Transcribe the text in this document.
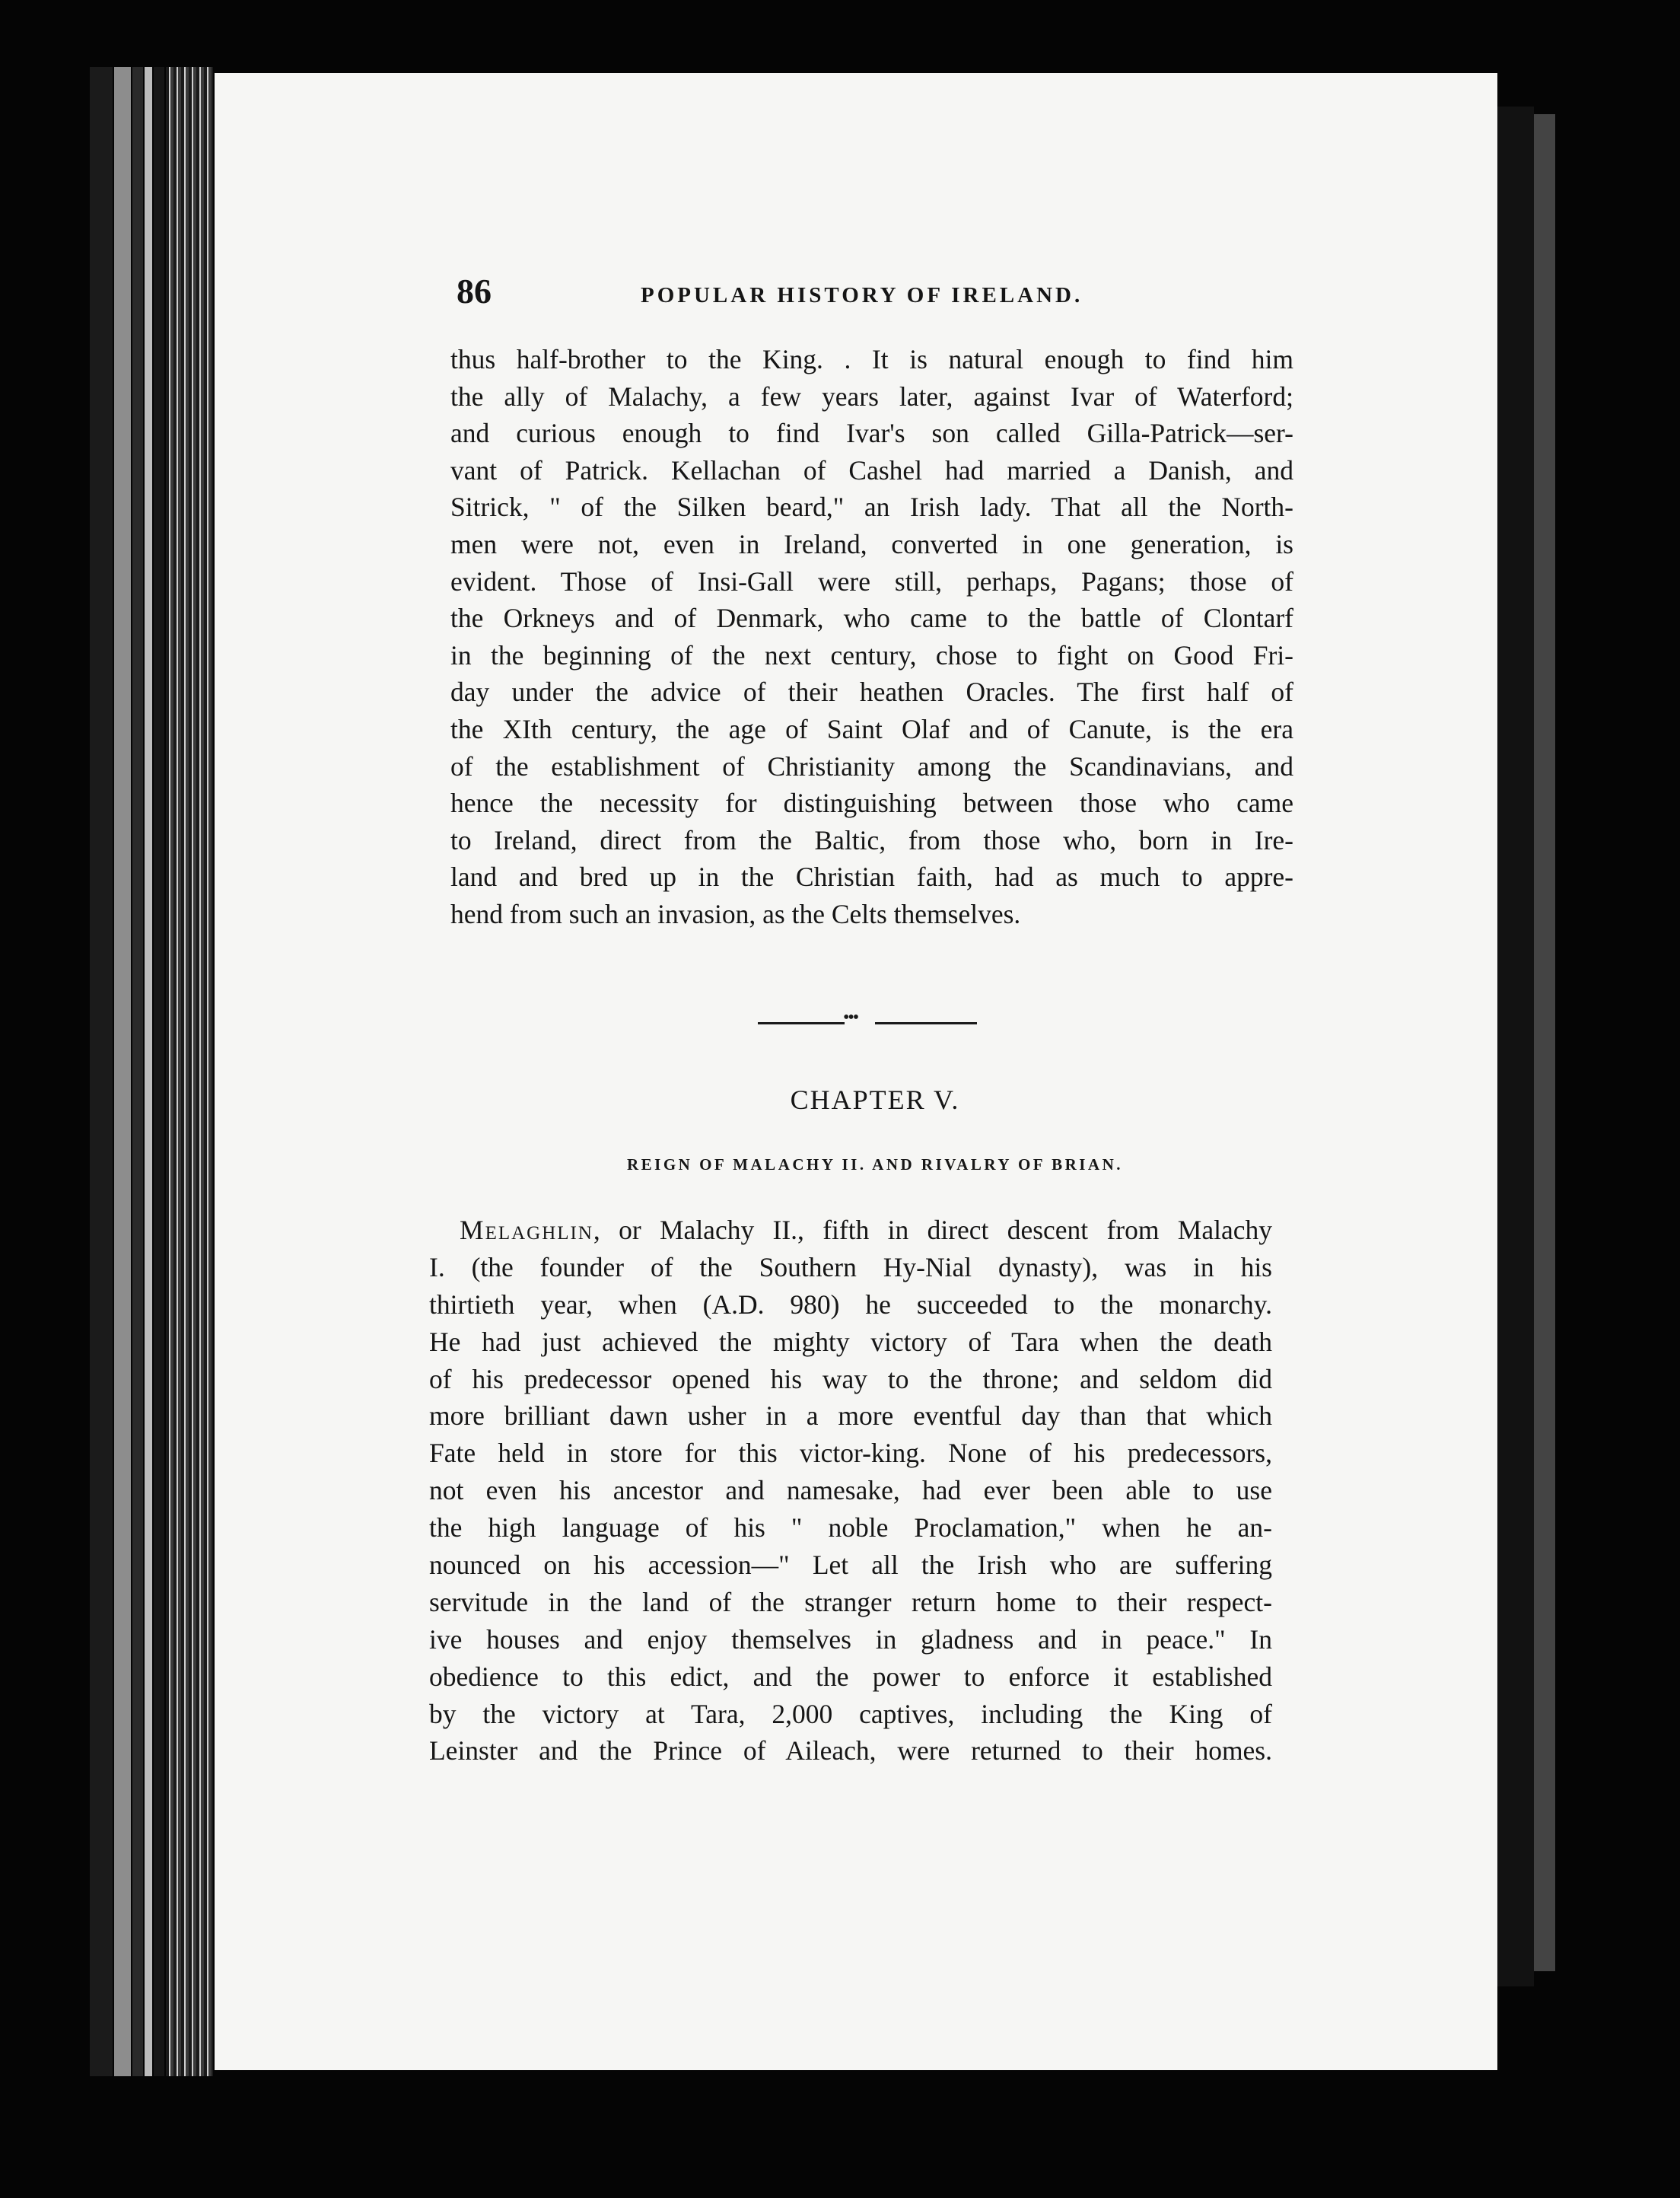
86	POPULAR HISTORY OF IRELAND.
thus half-brother to the King. . It is natural enough to find him
the ally of Malachy, a few years later, against Ivar of Waterford;
and curious enough to find Ivar's son called Gilla-Patrick—ser-
vant of Patrick. Kellachan of Cashel had married a Danish, and
Sitrick, " of the Silken beard," an Irish lady. That all the North-
men were not, even in Ireland, converted in one generation, is
evident. Those of Insi-Gall were still, perhaps, Pagans; those of
the Orkneys and of Denmark, who came to the battle of Clontarf
in the beginning of the next century, chose to fight on Good Fri-
day under the advice of their heathen Oracles. The first half of
the XIth century, the age of Saint Olaf and of Canute, is the era
of the establishment of Christianity among the Scandinavians, and
hence the necessity for distinguishing between those who came
to Ireland, direct from the Baltic, from those who, born in Ire-
land and bred up in the Christian faith, had as much to appre-
hend from such an invasion, as the Celts themselves.
•••
CHAPTER V.
REIGN OF MALACHY II. AND RIVALRY OF BRIAN.
Melaghlin, or Malachy II., fifth in direct descent from Malachy
I. (the founder of the Southern Hy-Nial dynasty), was in his
thirtieth year, when (A.D. 980) he succeeded to the monarchy.
He had just achieved the mighty victory of Tara when the death
of his predecessor opened his way to the throne; and seldom did
more brilliant dawn usher in a more eventful day than that which
Fate held in store for this victor-king. None of his predecessors,
not even his ancestor and namesake, had ever been able to use
the high language of his " noble Proclamation," when he an-
nounced on his accession—" Let all the Irish who are suffering
servitude in the land of the stranger return home to their respect-
ive houses and enjoy themselves in gladness and in peace." In
obedience to this edict, and the power to enforce it established
by the victory at Tara, 2,000 captives, including the King of
Leinster and the Prince of Aileach, were returned to their homes.
